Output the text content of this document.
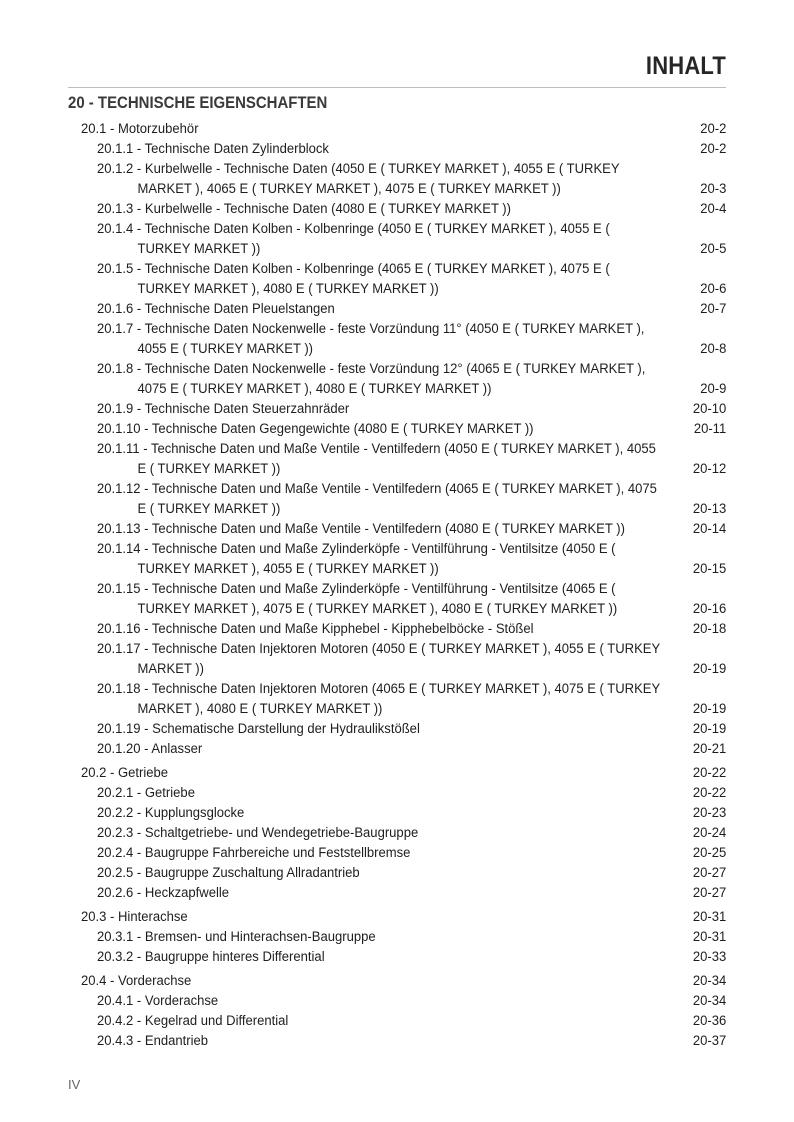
INHALT
20 - TECHNISCHE EIGENSCHAFTEN
20.1 - Motorzubehör	20-2
20.1.1 - Technische Daten Zylinderblock	20-2
20.1.2 - Kurbelwelle - Technische Daten (4050 E ( TURKEY MARKET ), 4055 E ( TURKEY
MARKET ), 4065 E ( TURKEY MARKET ), 4075 E ( TURKEY MARKET ))	20-3
20.1.3 - Kurbelwelle - Technische Daten (4080 E ( TURKEY MARKET ))	20-4
20.1.4 - Technische Daten Kolben - Kolbenringe (4050 E ( TURKEY MARKET ), 4055 E (
TURKEY MARKET ))	20-5
20.1.5 - Technische Daten Kolben - Kolbenringe (4065 E ( TURKEY MARKET ), 4075 E (
TURKEY MARKET ), 4080 E ( TURKEY MARKET ))	20-6
20.1.6 - Technische Daten Pleuelstangen	20-7
20.1.7 - Technische Daten Nockenwelle - feste Vorzündung 11° (4050 E ( TURKEY MARKET ),
4055 E ( TURKEY MARKET ))	20-8
20.1.8 - Technische Daten Nockenwelle - feste Vorzündung 12° (4065 E ( TURKEY MARKET ),
4075 E ( TURKEY MARKET ), 4080 E ( TURKEY MARKET ))	20-9
20.1.9 - Technische Daten Steuerzahnräder	20-10
20.1.10 - Technische Daten Gegengewichte (4080 E ( TURKEY MARKET ))	20-11
20.1.11 - Technische Daten und Maße Ventile - Ventilfedern (4050 E ( TURKEY MARKET ), 4055
E ( TURKEY MARKET ))	20-12
20.1.12 - Technische Daten und Maße Ventile - Ventilfedern (4065 E ( TURKEY MARKET ), 4075
E ( TURKEY MARKET ))	20-13
20.1.13 - Technische Daten und Maße Ventile - Ventilfedern (4080 E ( TURKEY MARKET ))	20-14
20.1.14 - Technische Daten und Maße Zylinderköpfe - Ventilführung - Ventilsitze (4050 E (
TURKEY MARKET ), 4055 E ( TURKEY MARKET ))	20-15
20.1.15 - Technische Daten und Maße Zylinderköpfe - Ventilführung - Ventilsitze (4065 E (
TURKEY MARKET ), 4075 E ( TURKEY MARKET ), 4080 E ( TURKEY MARKET ))	20-16
20.1.16 - Technische Daten und Maße Kipphebel - Kipphebelböcke - Stößel	20-18
20.1.17 - Technische Daten Injektoren Motoren (4050 E ( TURKEY MARKET ), 4055 E ( TURKEY
MARKET ))	20-19
20.1.18 - Technische Daten Injektoren Motoren (4065 E ( TURKEY MARKET ), 4075 E ( TURKEY
MARKET ), 4080 E ( TURKEY MARKET ))	20-19
20.1.19 - Schematische Darstellung der Hydraulikstößel	20-19
20.1.20 - Anlasser	20-21
20.2 - Getriebe	20-22
20.2.1 - Getriebe	20-22
20.2.2 - Kupplungsglocke	20-23
20.2.3 - Schaltgetriebe- und Wendegetriebe-Baugruppe	20-24
20.2.4 - Baugruppe Fahrbereiche und Feststellbremse	20-25
20.2.5 - Baugruppe Zuschaltung Allradantrieb	20-27
20.2.6 - Heckzapfwelle	20-27
20.3 - Hinterachse	20-31
20.3.1 - Bremsen- und Hinterachsen-Baugruppe	20-31
20.3.2 - Baugruppe hinteres Differential	20-33
20.4 - Vorderachse	20-34
20.4.1 - Vorderachse	20-34
20.4.2 - Kegelrad und Differential	20-36
20.4.3 - Endantrieb	20-37
IV
